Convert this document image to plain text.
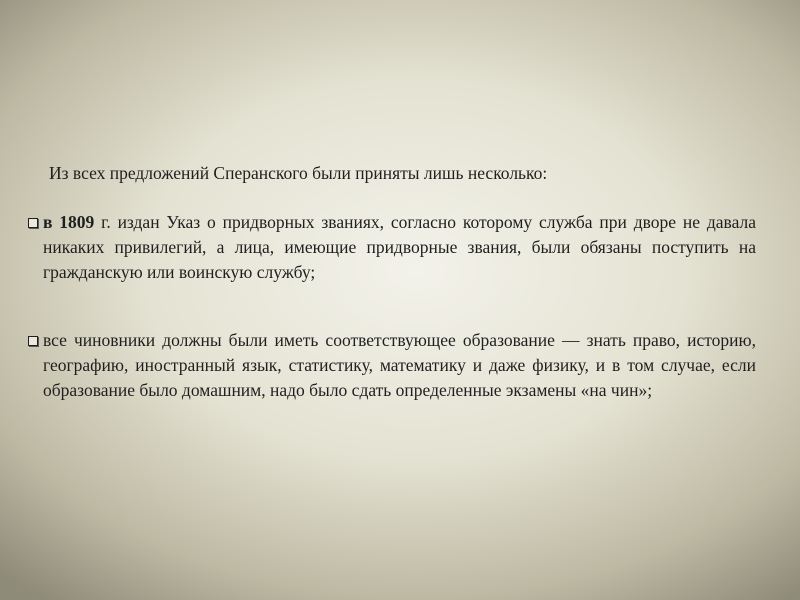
Из всех предложений Сперанского были приняты лишь несколько:
в 1809 г. издан Указ о придворных званиях, согласно которому служба при дворе не давала никаких привилегий, а лица, имеющие придворные звания, были обязаны поступить на гражданскую или воинскую службу;
все чиновники должны были иметь соответствующее образование — знать право, историю, географию, иностранный язык, статистику, математику и даже физику, и в том случае, если образование было домашним, надо было сдать определенные экзамены «на чин»;
